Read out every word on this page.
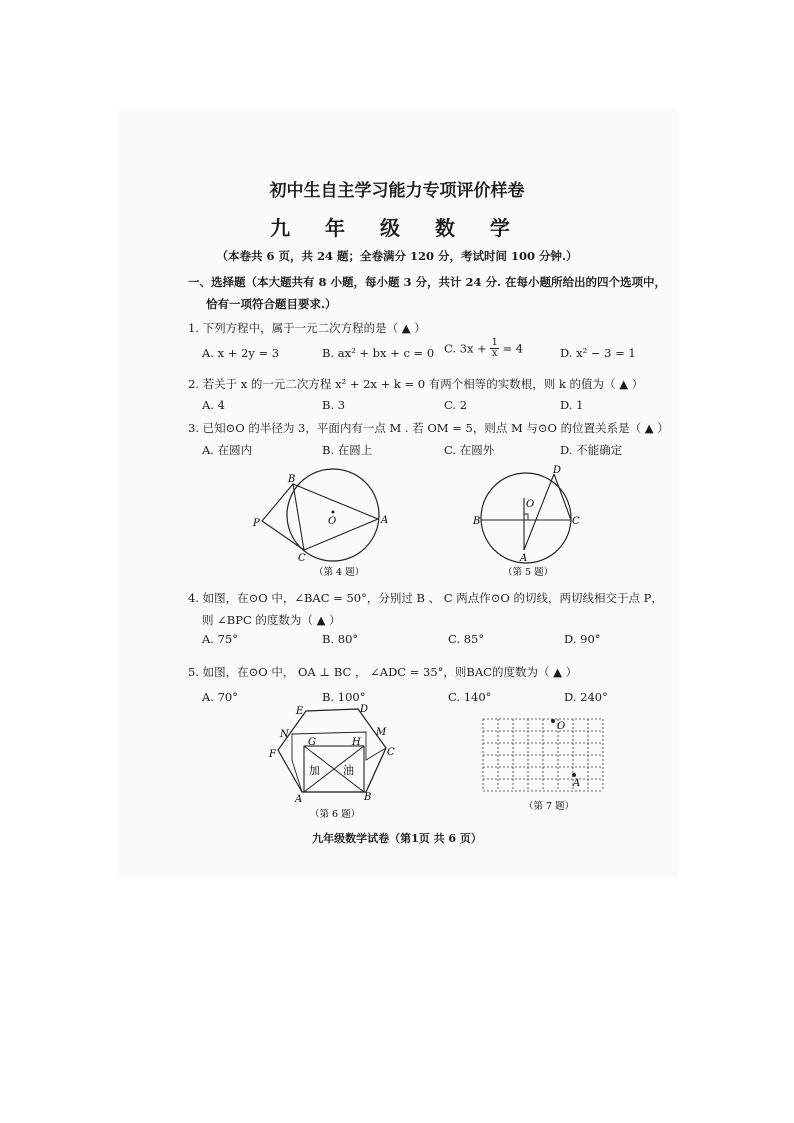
初中生自主学习能力专项评价样卷
九 年 级 数 学
（本卷共 6 页，共 24 题；全卷满分 120 分，考试时间 100 分钟.）
一、选择题（本大题共有 8 小题，每小题 3 分，共计 24 分. 在每小题所给出的四个选项中，
恰有一项符合题目要求.）
1. 下列方程中，属于一元二次方程的是（ ▲ ）
A. x + 2y = 3	B. ax² + bx + c = 0 C. $3x + \frac{1}{x} = 4$	D. x² − 3 = 1
2. 若关于 x 的一元二次方程 x² + 2x + k = 0 有两个相等的实数根，则 k 的值为（ ▲ ）
A. 4	B. 3	C. 2	D. 1
3. 已知⊙O 的半径为 3，平面内有一点 M . 若 OM = 5，则点 M 与⊙O 的位置关系是（ ▲ ）
A. 在圆内	B. 在圆上	C. 在圆外	D. 不能确定
B
P	O	A
C
（第 4 题）
D
O
B	C
A
（第 5 题）
4. 如图，在⊙O 中，∠BAC = 50°，分别过 B 、 C 两点作⊙O 的切线，两切线相交于点 P，
则 ∠BPC 的度数为（ ▲ ）
A. 75°	B. 80°	C. 85°	D. 90°
5. 如图，在⊙O 中， OA ⊥ BC ， ∠ADC = 35°，则BAC的度数为（ ▲ ）
A. 70°	B. 100°	C. 140°	D. 240°
E	D
N	M
G	H
F	C
A	B
加 油
（第 6 题）
O
A
（第 7 题）
九年级数学试卷（第1页 共 6 页）
